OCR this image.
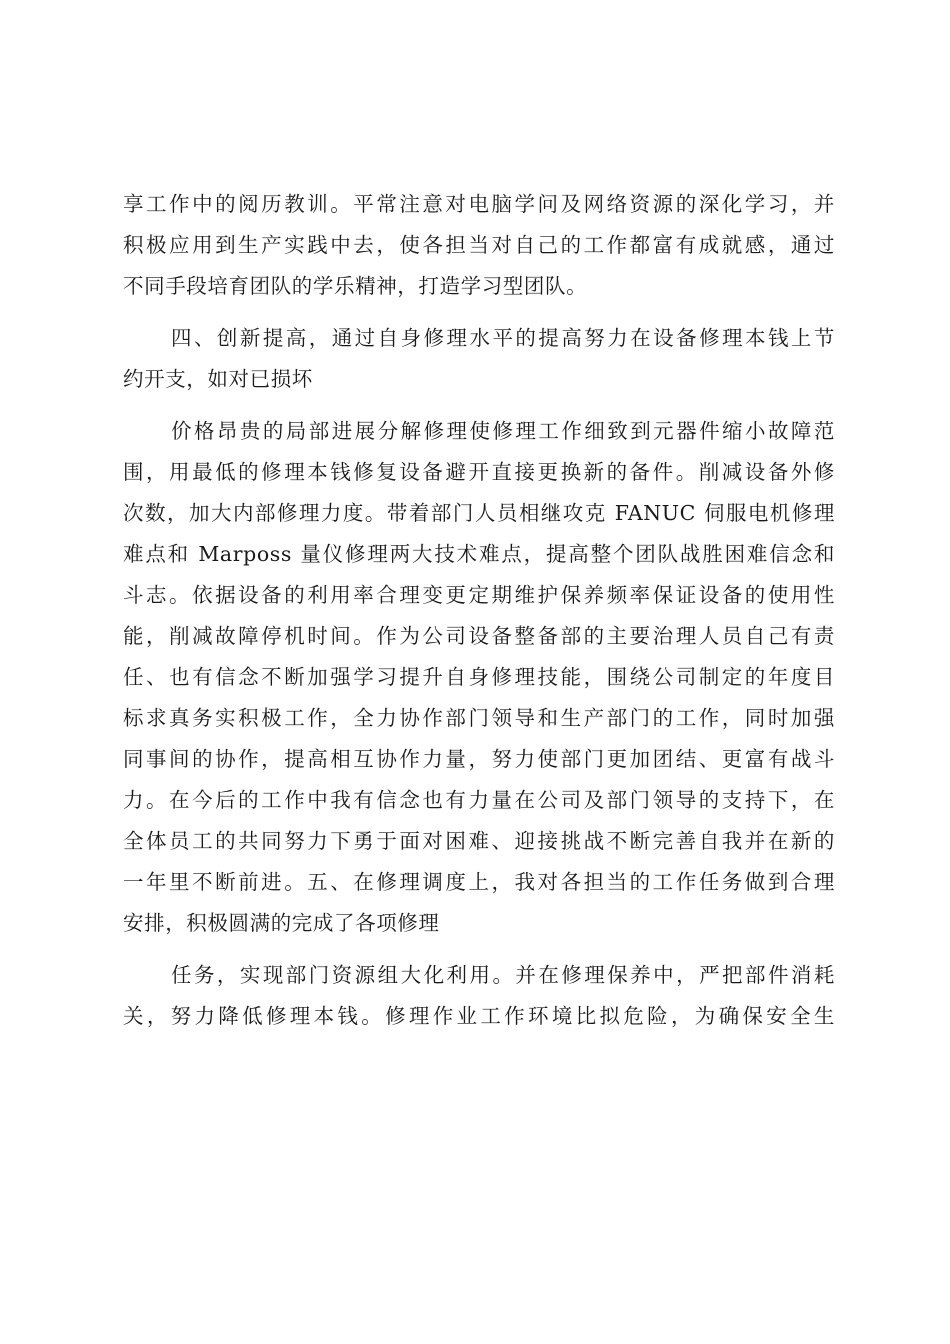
享工作中的阅历教训。平常注意对电脑学问及网络资源的深化学习，并
积极应用到生产实践中去，使各担当对自己的工作都富有成就感，通过
不同手段培育团队的学乐精神，打造学习型团队。
四、创新提高，通过自身修理水平的提高努力在设备修理本钱上节
约开支，如对已损坏
价格昂贵的局部进展分解修理使修理工作细致到元器件缩小故障范
围，用最低的修理本钱修复设备避开直接更换新的备件。削减设备外修
次数，加大内部修理力度。带着部门人员相继攻克 FANUC 伺服电机修理
难点和 Marposs 量仪修理两大技术难点，提高整个团队战胜困难信念和
斗志。依据设备的利用率合理变更定期维护保养频率保证设备的使用性
能，削减故障停机时间。作为公司设备整备部的主要治理人员自己有责
任、也有信念不断加强学习提升自身修理技能，围绕公司制定的年度目
标求真务实积极工作，全力协作部门领导和生产部门的工作，同时加强
同事间的协作，提高相互协作力量，努力使部门更加团结、更富有战斗
力。在今后的工作中我有信念也有力量在公司及部门领导的支持下，在
全体员工的共同努力下勇于面对困难、迎接挑战不断完善自我并在新的
一年里不断前进。五、在修理调度上，我对各担当的工作任务做到合理
安排，积极圆满的完成了各项修理
任务，实现部门资源组大化利用。并在修理保养中，严把部件消耗
关，努力降低修理本钱。修理作业工作环境比拟危险，为确保安全生
